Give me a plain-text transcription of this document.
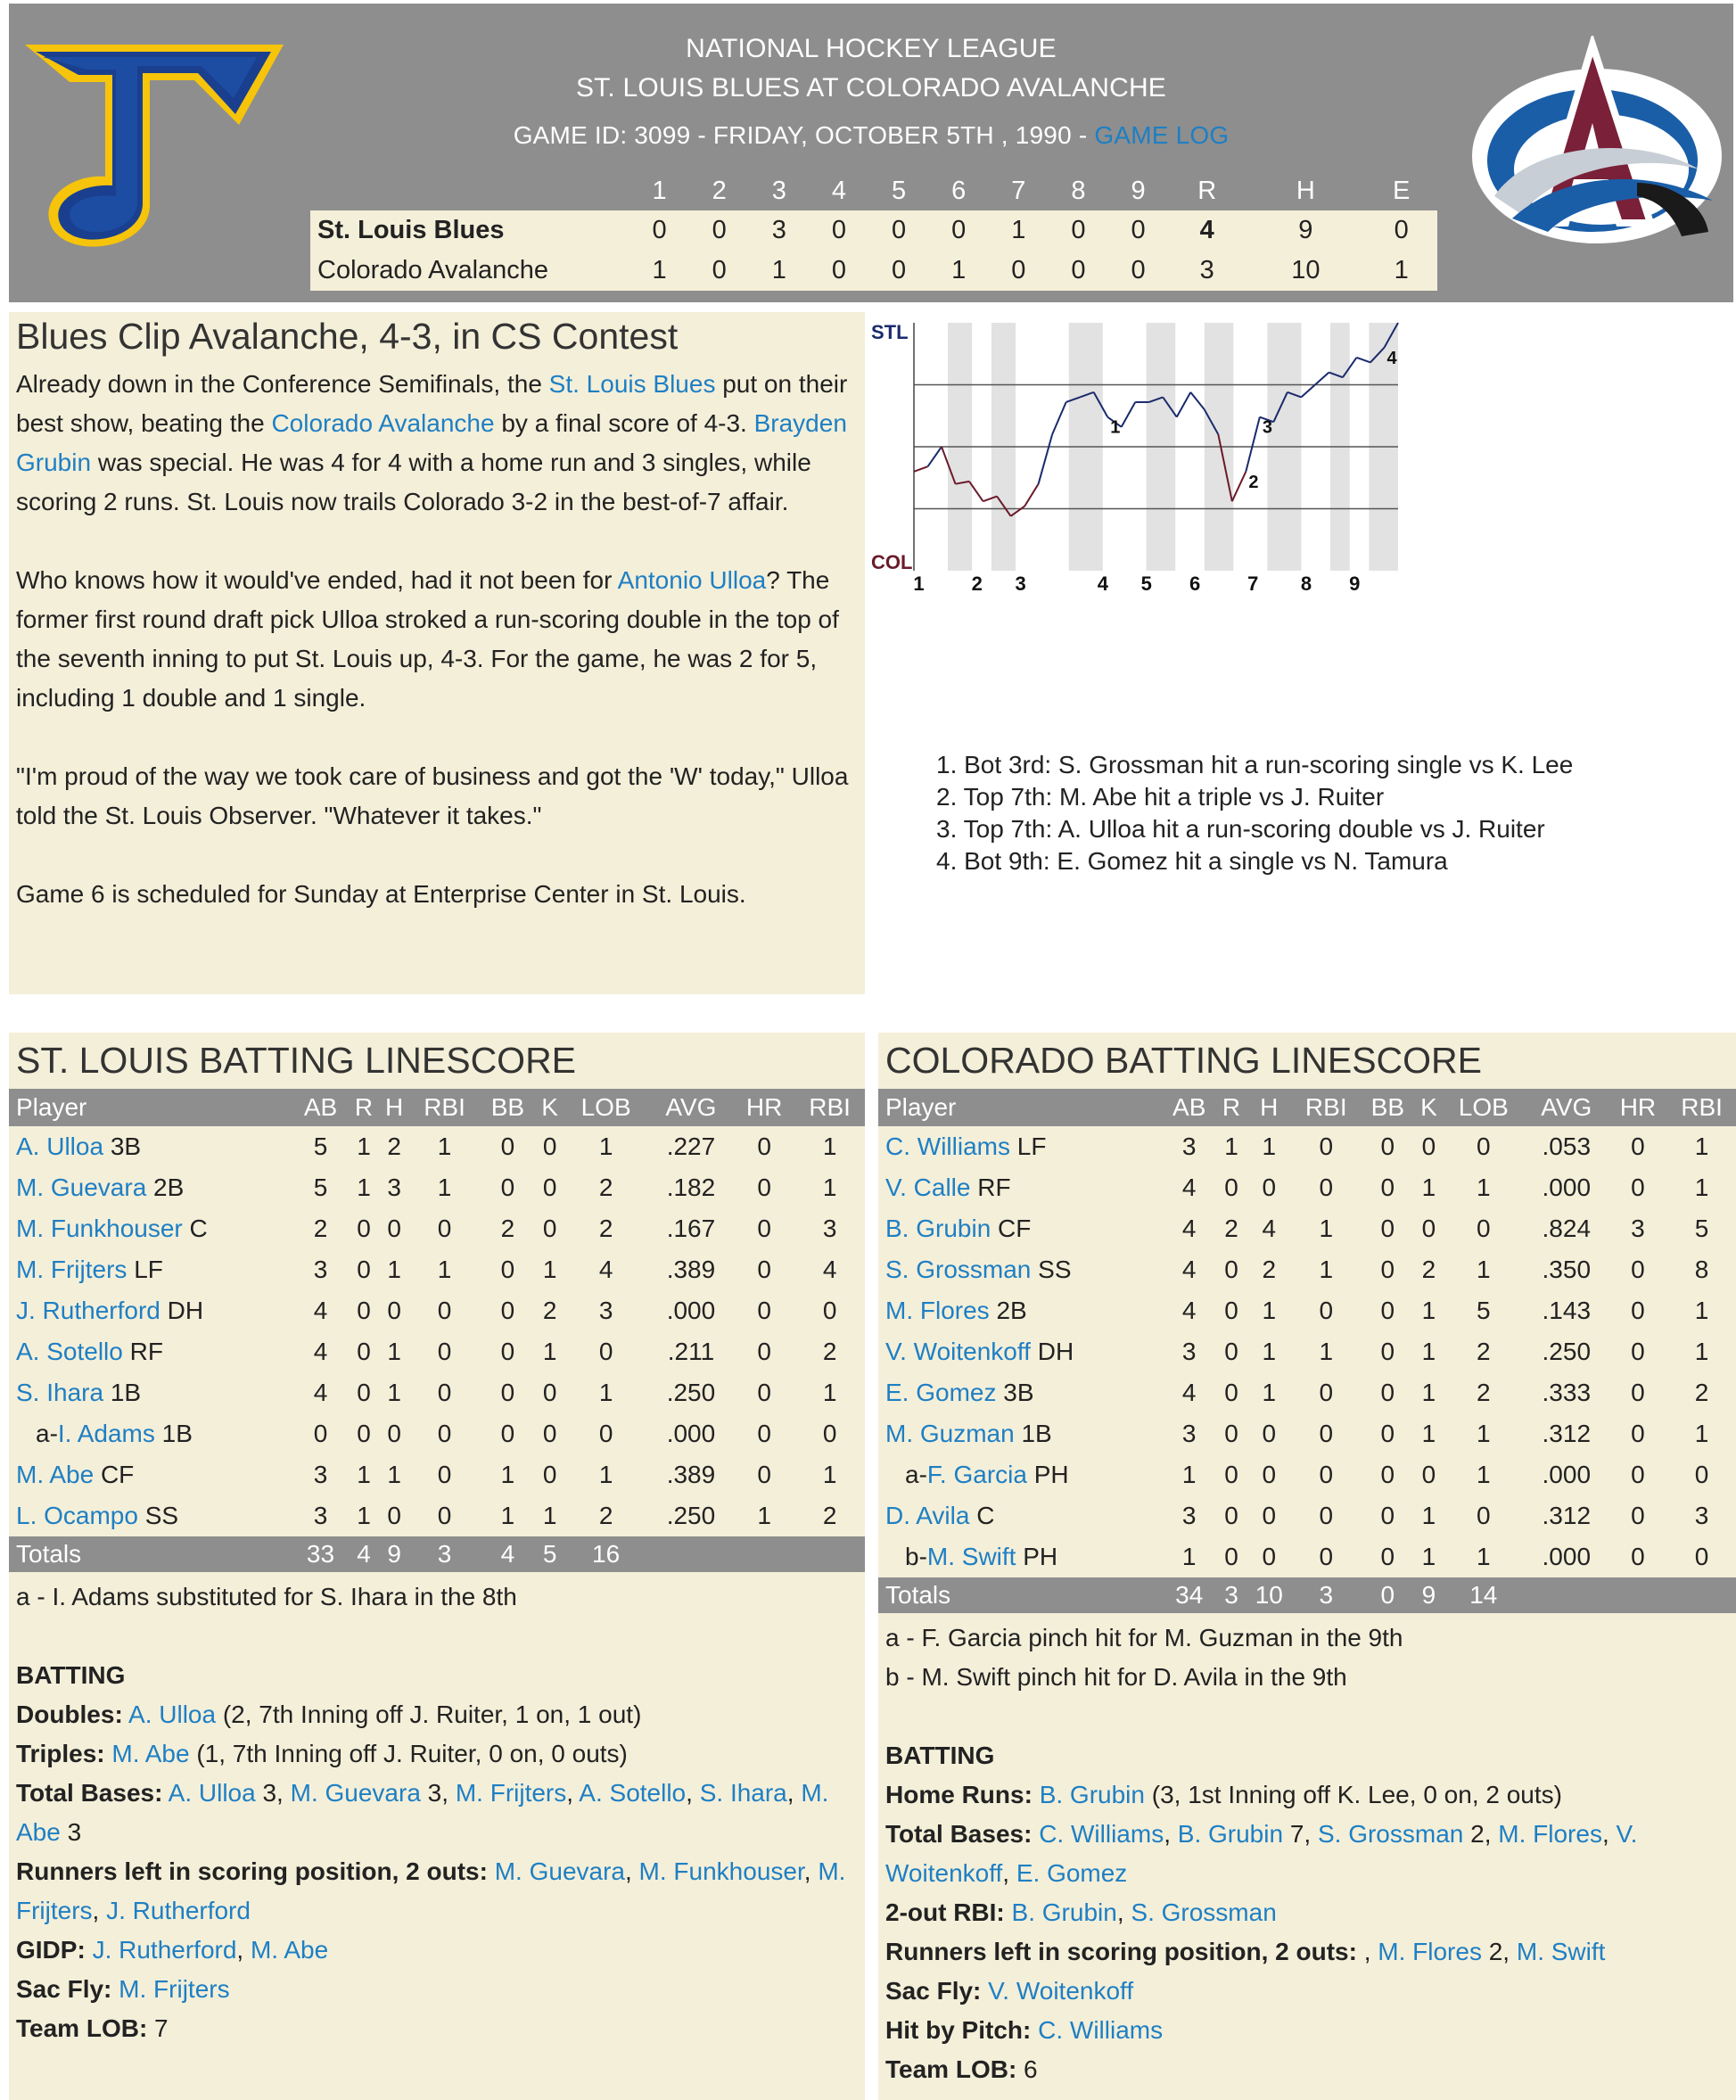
NATIONAL HOCKEY LEAGUE
ST. LOUIS BLUES AT COLORADO AVALANCHE
GAME ID: 3099 - FRIDAY, OCTOBER 5TH , 1990 - GAME LOG
	1	2	3	4	5	6	7	8	9	R	H	E
St. Louis Blues	0	0	3	0	0	0	1	0	0	4	9	0
Colorado Avalanche	1	0	1	0	0	1	0	0	0	3	10	1
Blues Clip Avalanche, 4-3, in CS Contest

Already down in the Conference Semifinals, the St. Louis Blues put on their best show, beating the Colorado Avalanche by a final score of 4-3. Brayden Grubin was special. He was 4 for 4 with a home run and 3 singles, while scoring 2 runs. St. Louis now trails Colorado 3-2 in the best-of-7 affair.

Who knows how it would've ended, had it not been for Antonio Ulloa? The former first round draft pick Ulloa stroked a run-scoring double in the top of the seventh inning to put St. Louis up, 4-3. For the game, he was 2 for 5, including 1 double and 1 single.

"I'm proud of the way we took care of business and got the 'W' today," Ulloa told the St. Louis Observer. "Whatever it takes."

Game 6 is scheduled for Sunday at Enterprise Center in St. Louis.

STL
COL
1 2 3	4 5 6 7 8 9
1
2
3
4
1. Bot 3rd: S. Grossman hit a run-scoring single vs K. Lee
2. Top 7th: M. Abe hit a triple vs J. Ruiter
3. Top 7th: A. Ulloa hit a run-scoring double vs J. Ruiter
4. Bot 9th: E. Gomez hit a single vs N. Tamura
ST. LOUIS BATTING LINESCORE
Player	AB	R	H	RBI	BB	K	LOB	AVG	HR	RBI
A. Ulloa 3B	5	1	2	1	0	0	1	.227	0	1
M. Guevara 2B	5	1	3	1	0	0	2	.182	0	1
M. Funkhouser C	2	0	0	0	2	0	2	.167	0	3
M. Frijters LF	3	0	1	1	0	1	4	.389	0	4
J. Rutherford DH	4	0	0	0	0	2	3	.000	0	0
A. Sotello RF	4	0	1	0	0	1	0	.211	0	2
S. Ihara 1B	4	0	1	0	0	0	1	.250	0	1
a-I. Adams 1B	0	0	0	0	0	0	0	.000	0	0
M. Abe CF	3	1	1	0	1	0	1	.389	0	1
L. Ocampo SS	3	1	0	0	1	1	2	.250	1	2
Totals	33	4	9	3	4	5	16			
a - I. Adams substituted for S. Ihara in the 8th
BATTING
Doubles: A. Ulloa (2, 7th Inning off J. Ruiter, 1 on, 1 out)
Triples: M. Abe (1, 7th Inning off J. Ruiter, 0 on, 0 outs)
Total Bases: A. Ulloa 3, M. Guevara 3, M. Frijters, A. Sotello, S. Ihara, M. Abe 3
Runners left in scoring position, 2 outs: M. Guevara, M. Funkhouser, M. Frijters, J. Rutherford
GIDP: J. Rutherford, M. Abe
Sac Fly: M. Frijters
Team LOB: 7
COLORADO BATTING LINESCORE
Player	AB	R	H	RBI	BB	K	LOB	AVG	HR	RBI
C. Williams LF	3	1	1	0	0	0	0	.053	0	1
V. Calle RF	4	0	0	0	0	1	1	.000	0	1
B. Grubin CF	4	2	4	1	0	0	0	.824	3	5
S. Grossman SS	4	0	2	1	0	2	1	.350	0	8
M. Flores 2B	4	0	1	0	0	1	5	.143	0	1
V. Woitenkoff DH	3	0	1	1	0	1	2	.250	0	1
E. Gomez 3B	4	0	1	0	0	1	2	.333	0	2
M. Guzman 1B	3	0	0	0	0	1	1	.312	0	1
a-F. Garcia PH	1	0	0	0	0	0	1	.000	0	0
D. Avila C	3	0	0	0	0	1	0	.312	0	3
b-M. Swift PH	1	0	0	0	0	1	1	.000	0	0
Totals	34	3	10	3	0	9	14			
a - F. Garcia pinch hit for M. Guzman in the 9th
b - M. Swift pinch hit for D. Avila in the 9th
BATTING
Home Runs: B. Grubin (3, 1st Inning off K. Lee, 0 on, 2 outs)
Total Bases: C. Williams, B. Grubin 7, S. Grossman 2, M. Flores, V. Woitenkoff, E. Gomez
2-out RBI: B. Grubin, S. Grossman
Runners left in scoring position, 2 outs: , M. Flores 2, M. Swift
Sac Fly: V. Woitenkoff
Hit by Pitch: C. Williams
Team LOB: 6
